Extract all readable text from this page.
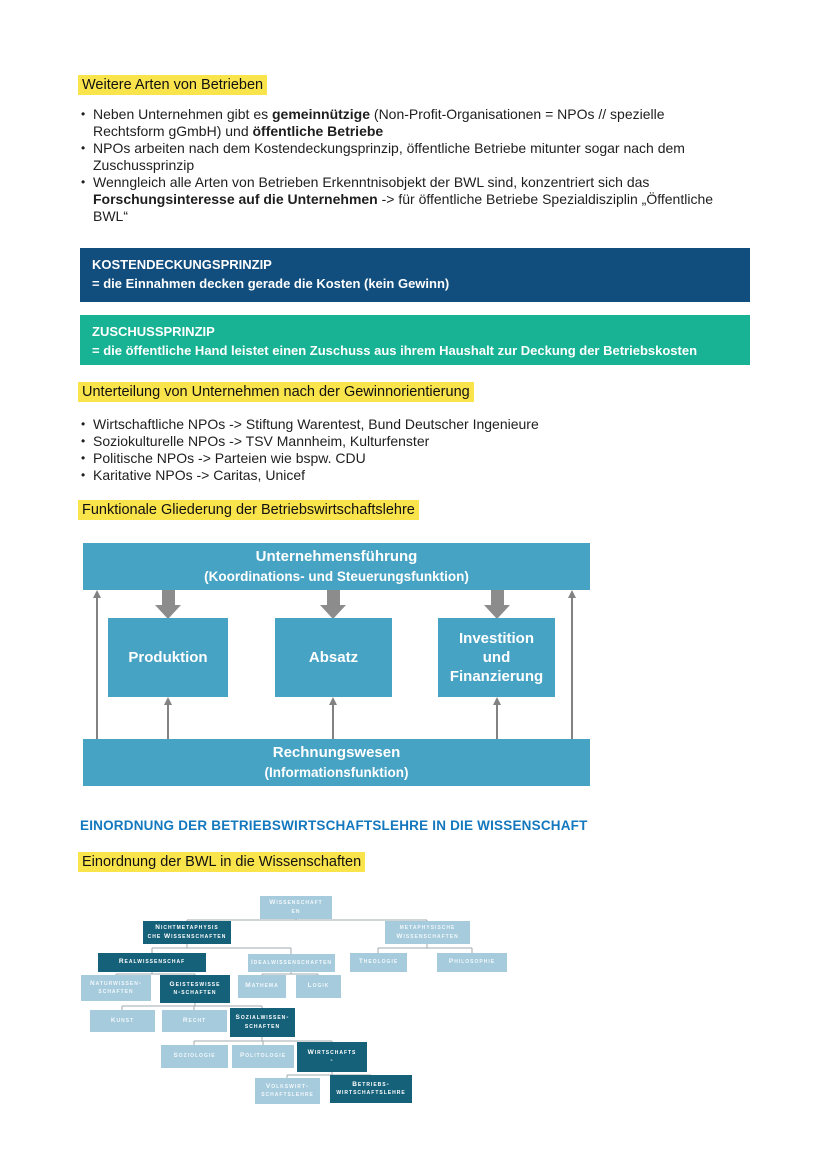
Weitere Arten von Betrieben
• Neben Unternehmen gibt es gemeinnützige (Non-Profit-Organisationen = NPOs // spezielle
Rechtsform gGmbH) und öffentliche Betriebe
• NPOs arbeiten nach dem Kostendeckungsprinzip, öffentliche Betriebe mitunter sogar nach dem
Zuschussprinzip
• Wenngleich alle Arten von Betrieben Erkenntnisobjekt der BWL sind, konzentriert sich das
Forschungsinteresse auf die Unternehmen -> für öffentliche Betriebe Spezialdisziplin „Öffentliche
BWL“
KOSTENDECKUNGSPRINZIP
= die Einnahmen decken gerade die Kosten (kein Gewinn)
ZUSCHUSSPRINZIP
= die öffentliche Hand leistet einen Zuschuss aus ihrem Haushalt zur Deckung der Betriebskosten
Unterteilung von Unternehmen nach der Gewinnorientierung
• Wirtschaftliche NPOs -> Stiftung Warentest, Bund Deutscher Ingenieure
• Soziokulturelle NPOs -> TSV Mannheim, Kulturfenster
• Politische NPOs -> Parteien wie bspw. CDU
• Karitative NPOs -> Caritas, Unicef
Funktionale Gliederung der Betriebswirtschaftslehre
Unternehmensführung
(Koordinations- und Steuerungsfunktion)
Produktion	Absatz
Investition
und
Finanzierung
Rechnungswesen
(Informationsfunktion)
EINORDNUNG DER BETRIEBSWIRTSCHAFTSLEHRE IN DIE WISSENSCHAFT
Einordnung der BWL in die Wissenschaften
Wissenschaft
en
Nichtmetaphysis
che Wissenschaften
metaphysische
Wissenschaften
Realwissenschaf	Idealwissenschaften	Theologie	Philosophie
Naturwissen-
schaften
Geisteswisse
n-schaften
Mathema	Logik
Kunst	Recht	Sozialwissen-
schaften
Soziologie	Politologie
Wirtschafts
-
Volkswirt-
schaftslehre
Betriebs-
wirtschaftslehre
